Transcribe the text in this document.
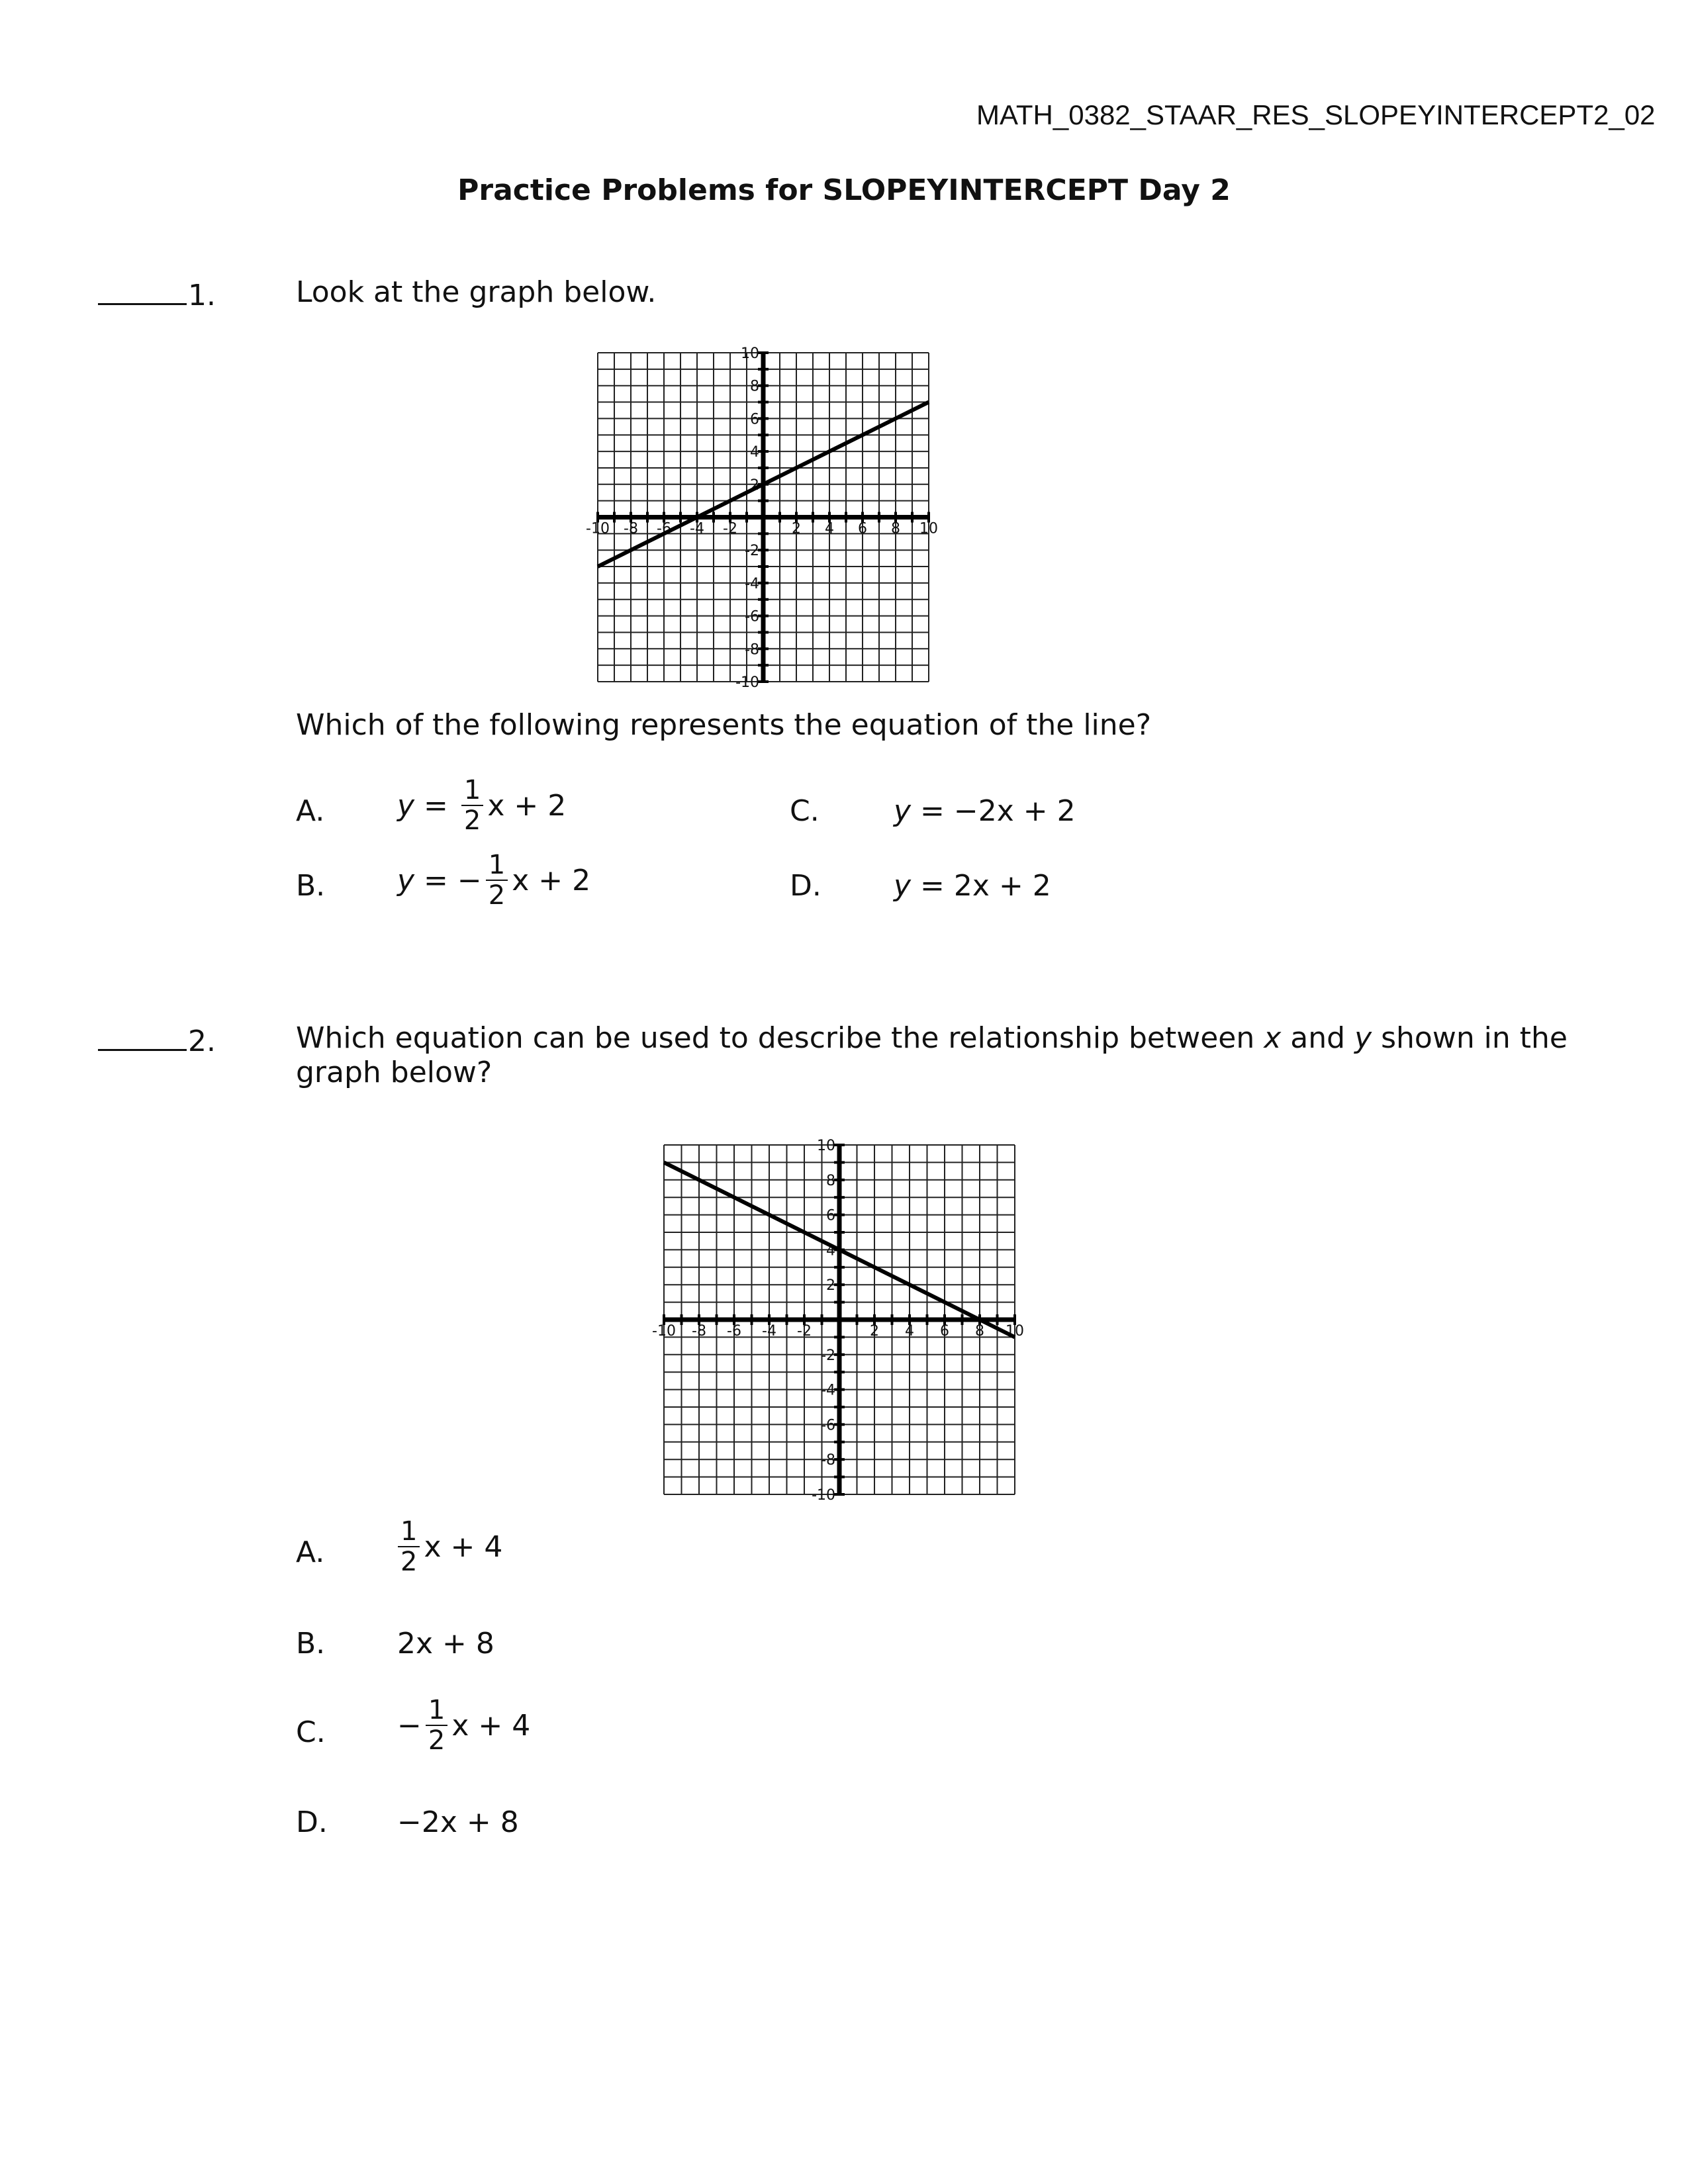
MATH_0382_STAAR_RES_SLOPEYINTERCEPT2_02
Practice Problems for SLOPEYINTERCEPT Day 2
1.	Look at the graph below.
-10 -8 -6 -4 -2	2 4 6 8 10
10
8
6
4
2
-2
-4
-6
-8
-10
Which of the following represents the equation of the line?
A. y
=
$\frac{1}{2}$ x + 2
B. y
=
− $\frac{1}{2}$ x + 2
C.	y
=
−2x + 2
D. y
=
2x + 2
2.	Which equation can be used to describe the relationship between x and y shown in the
graph below?
-10 -8 -6 -4 -2	2 4 6 8 10
10
8
6
4
2
-2
-4
-6
-8
-10
A.	$\frac{1}{2}$ x + 4
B. 2x + 8
C. − $\frac{1}{2}$ x + 4
D. −2x + 8
